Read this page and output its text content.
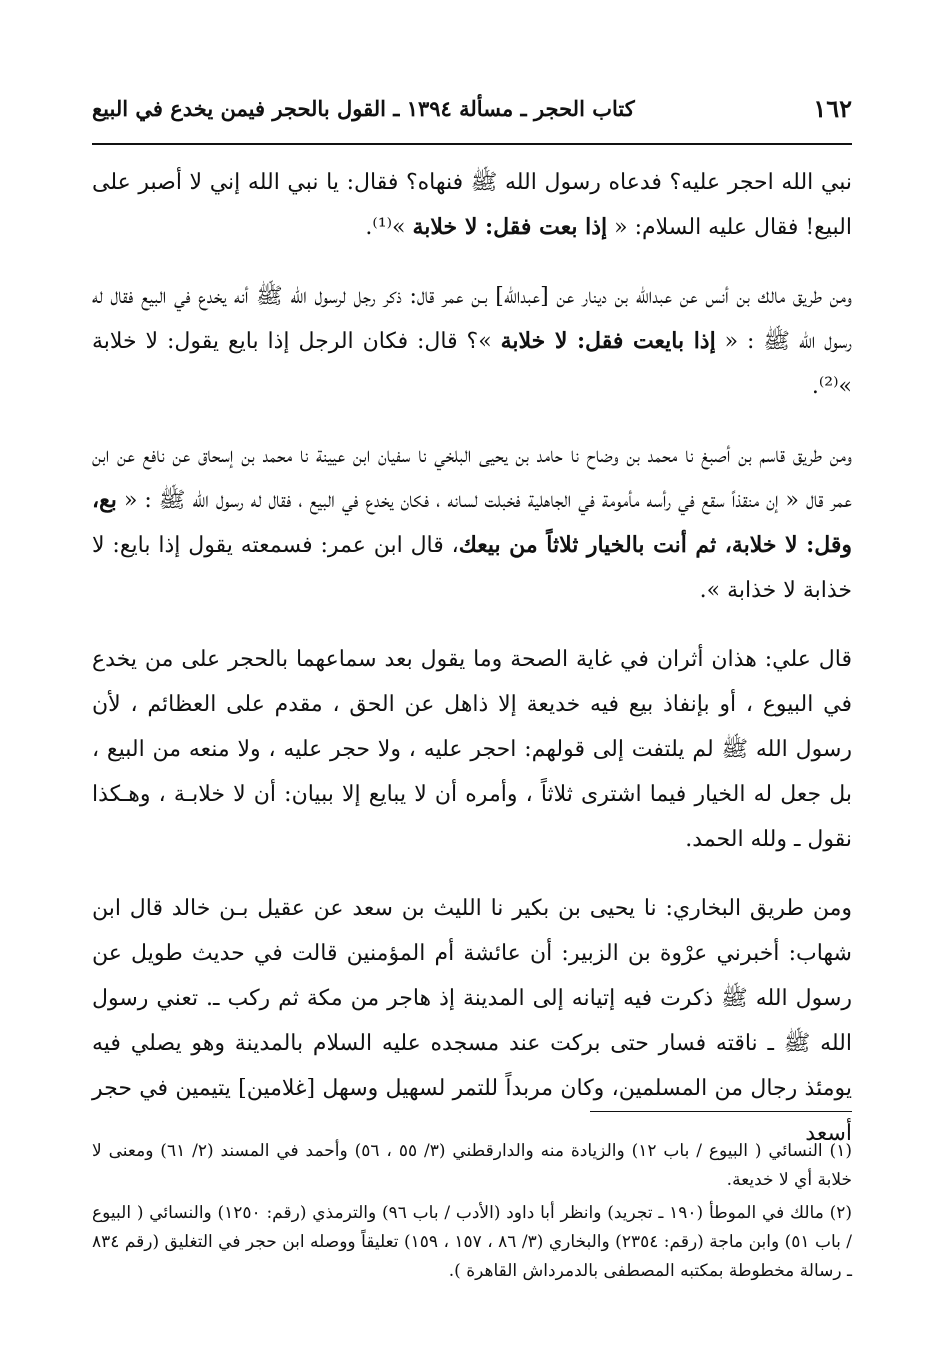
١٦٢
كتاب الحجر ـ مسألة ١٣٩٤ ـ القول بالحجر فيمن يخدع في البيع

نبي الله احجر عليه؟ فدعاه رسول الله ﷺ فنهاه؟ فقال: يا نبي الله إني لا أصبر على البيع! فقال عليه السلام: « إذا بعت فقل: لا خلابة »⁽¹⁾.

ومن طريق مالك بن أنس عن عبدالله بن دينار عن [عبدالله] بـن عمر قال: ذكر رجل لرسول الله ﷺ أنه يخدع في البيع فقال له رسول الله ﷺ : « إذا بايعت فقل: لا خلابة »؟ قال: فكان الرجل إذا بايع يقول: لا خلابة »⁽²⁾.

ومن طريق قاسم بن أصبغ نا محمد بن وضاح نا حامد بن يحيى البلخي نا سفيان ابن عيينة نا محمد بن إسحاق عن نافع عن ابن عمر قال « إن منقذاً سقع في رأسه مأمومة في الجاهلية فخبلت لسانه ، فكان يخدع في البيع ، فقال له رسول الله ﷺ : « بع، وقل: لا خلابة، ثم أنت بالخيار ثلاثاً من بيعك، قال ابن عمر: فسمعته يقول إذا بايع: لا خذابة لا خذابة ».

قال علي: هذان أثران في غاية الصحة وما يقول بعد سماعهما بالحجر على من يخدع في البيوع ، أو بإنفاذ بيع فيه خديعة إلا ذاهل عن الحق ، مقدم على العظائم ، لأن رسول الله ﷺ لم يلتفت إلى قولهم: احجر عليه ، ولا حجر عليه ، ولا منعه من البيع ، بل جعل له الخيار فيما اشترى ثلاثاً ، وأمره أن لا يبايع إلا ببيان: أن لا خلابـة ، وهـكذا نقول ـ ولله الحمد.

ومن طريق البخاري: نا يحيى بن بكير نا الليث بن سعد عن عقيل بـن خالد قال ابن شهاب: أخبرني عرْوة بن الزبير: أن عائشة أم المؤمنين قالت في حديث طويل عن رسول الله ﷺ ذكرت فيه إتيانه إلى المدينة إذ هاجر من مكة ثم ركب ـ. تعني رسول الله ﷺ ـ ناقته فسار حتى بركت عند مسجده عليه السلام بالمدينة وهو يصلي فيه يومئذ رجال من المسلمين، وكان مربداً للتمر لسهيل وسهل [غلامين] يتيمين في حجر أسعد

(١) النسائي ( البيوع / باب ١٢) والزيادة منه والدارقطني (٣/ ٥٥ ، ٥٦) وأحمد في المسند (٢/ ٦١) ومعنى لا خلابة أي لا خديعة.

(٢) مالك في الموطأ (١٩٠ ـ تجريد) وانظر أبا داود (الأدب / باب ٩٦) والترمذي (رقم: ١٢٥٠) والنسائي ( البيوع / باب ٥١) وابن ماجة (رقم: ٢٣٥٤) والبخاري (٣/ ٨٦ ، ١٥٧ ، ١٥٩) تعليقاً ووصله ابن حجر في التغليق (رقم ٨٣٤ ـ رسالة مخطوطة بمكتبه المصطفى بالدمرداش القاهرة ).
